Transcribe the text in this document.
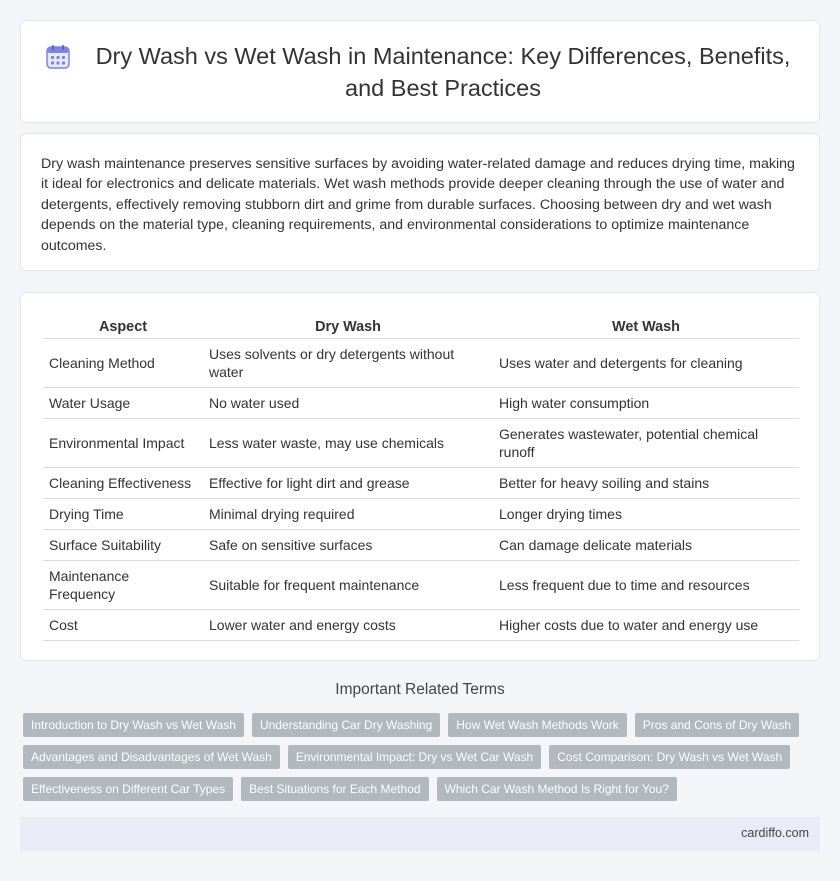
Dry Wash vs Wet Wash in Maintenance: Key Differences, Benefits, and Best Practices

Dry wash maintenance preserves sensitive surfaces by avoiding water-related damage and reduces drying time, making it ideal for electronics and delicate materials. Wet wash methods provide deeper cleaning through the use of water and detergents, effectively removing stubborn dirt and grime from durable surfaces. Choosing between dry and wet wash depends on the material type, cleaning requirements, and environmental considerations to optimize maintenance outcomes.

Aspect	Dry Wash	Wet Wash
Cleaning Method	Uses solvents or dry detergents without water	Uses water and detergents for cleaning
Water Usage	No water used	High water consumption
Environmental Impact	Less water waste, may use chemicals	Generates wastewater, potential chemical runoff
Cleaning Effectiveness	Effective for light dirt and grease	Better for heavy soiling and stains
Drying Time	Minimal drying required	Longer drying times
Surface Suitability	Safe on sensitive surfaces	Can damage delicate materials
Maintenance Frequency	Suitable for frequent maintenance	Less frequent due to time and resources
Cost	Lower water and energy costs	Higher costs due to water and energy use
Important Related Terms
Introduction to Dry Wash vs Wet Wash	Understanding Car Dry Washing	How Wet Wash Methods Work	Pros and Cons of Dry Wash
Advantages and Disadvantages of Wet Wash	Environmental Impact: Dry vs Wet Car Wash	Cost Comparison: Dry Wash vs Wet Wash
Effectiveness on Different Car Types	Best Situations for Each Method	Which Car Wash Method Is Right for You?
cardiffo.com
